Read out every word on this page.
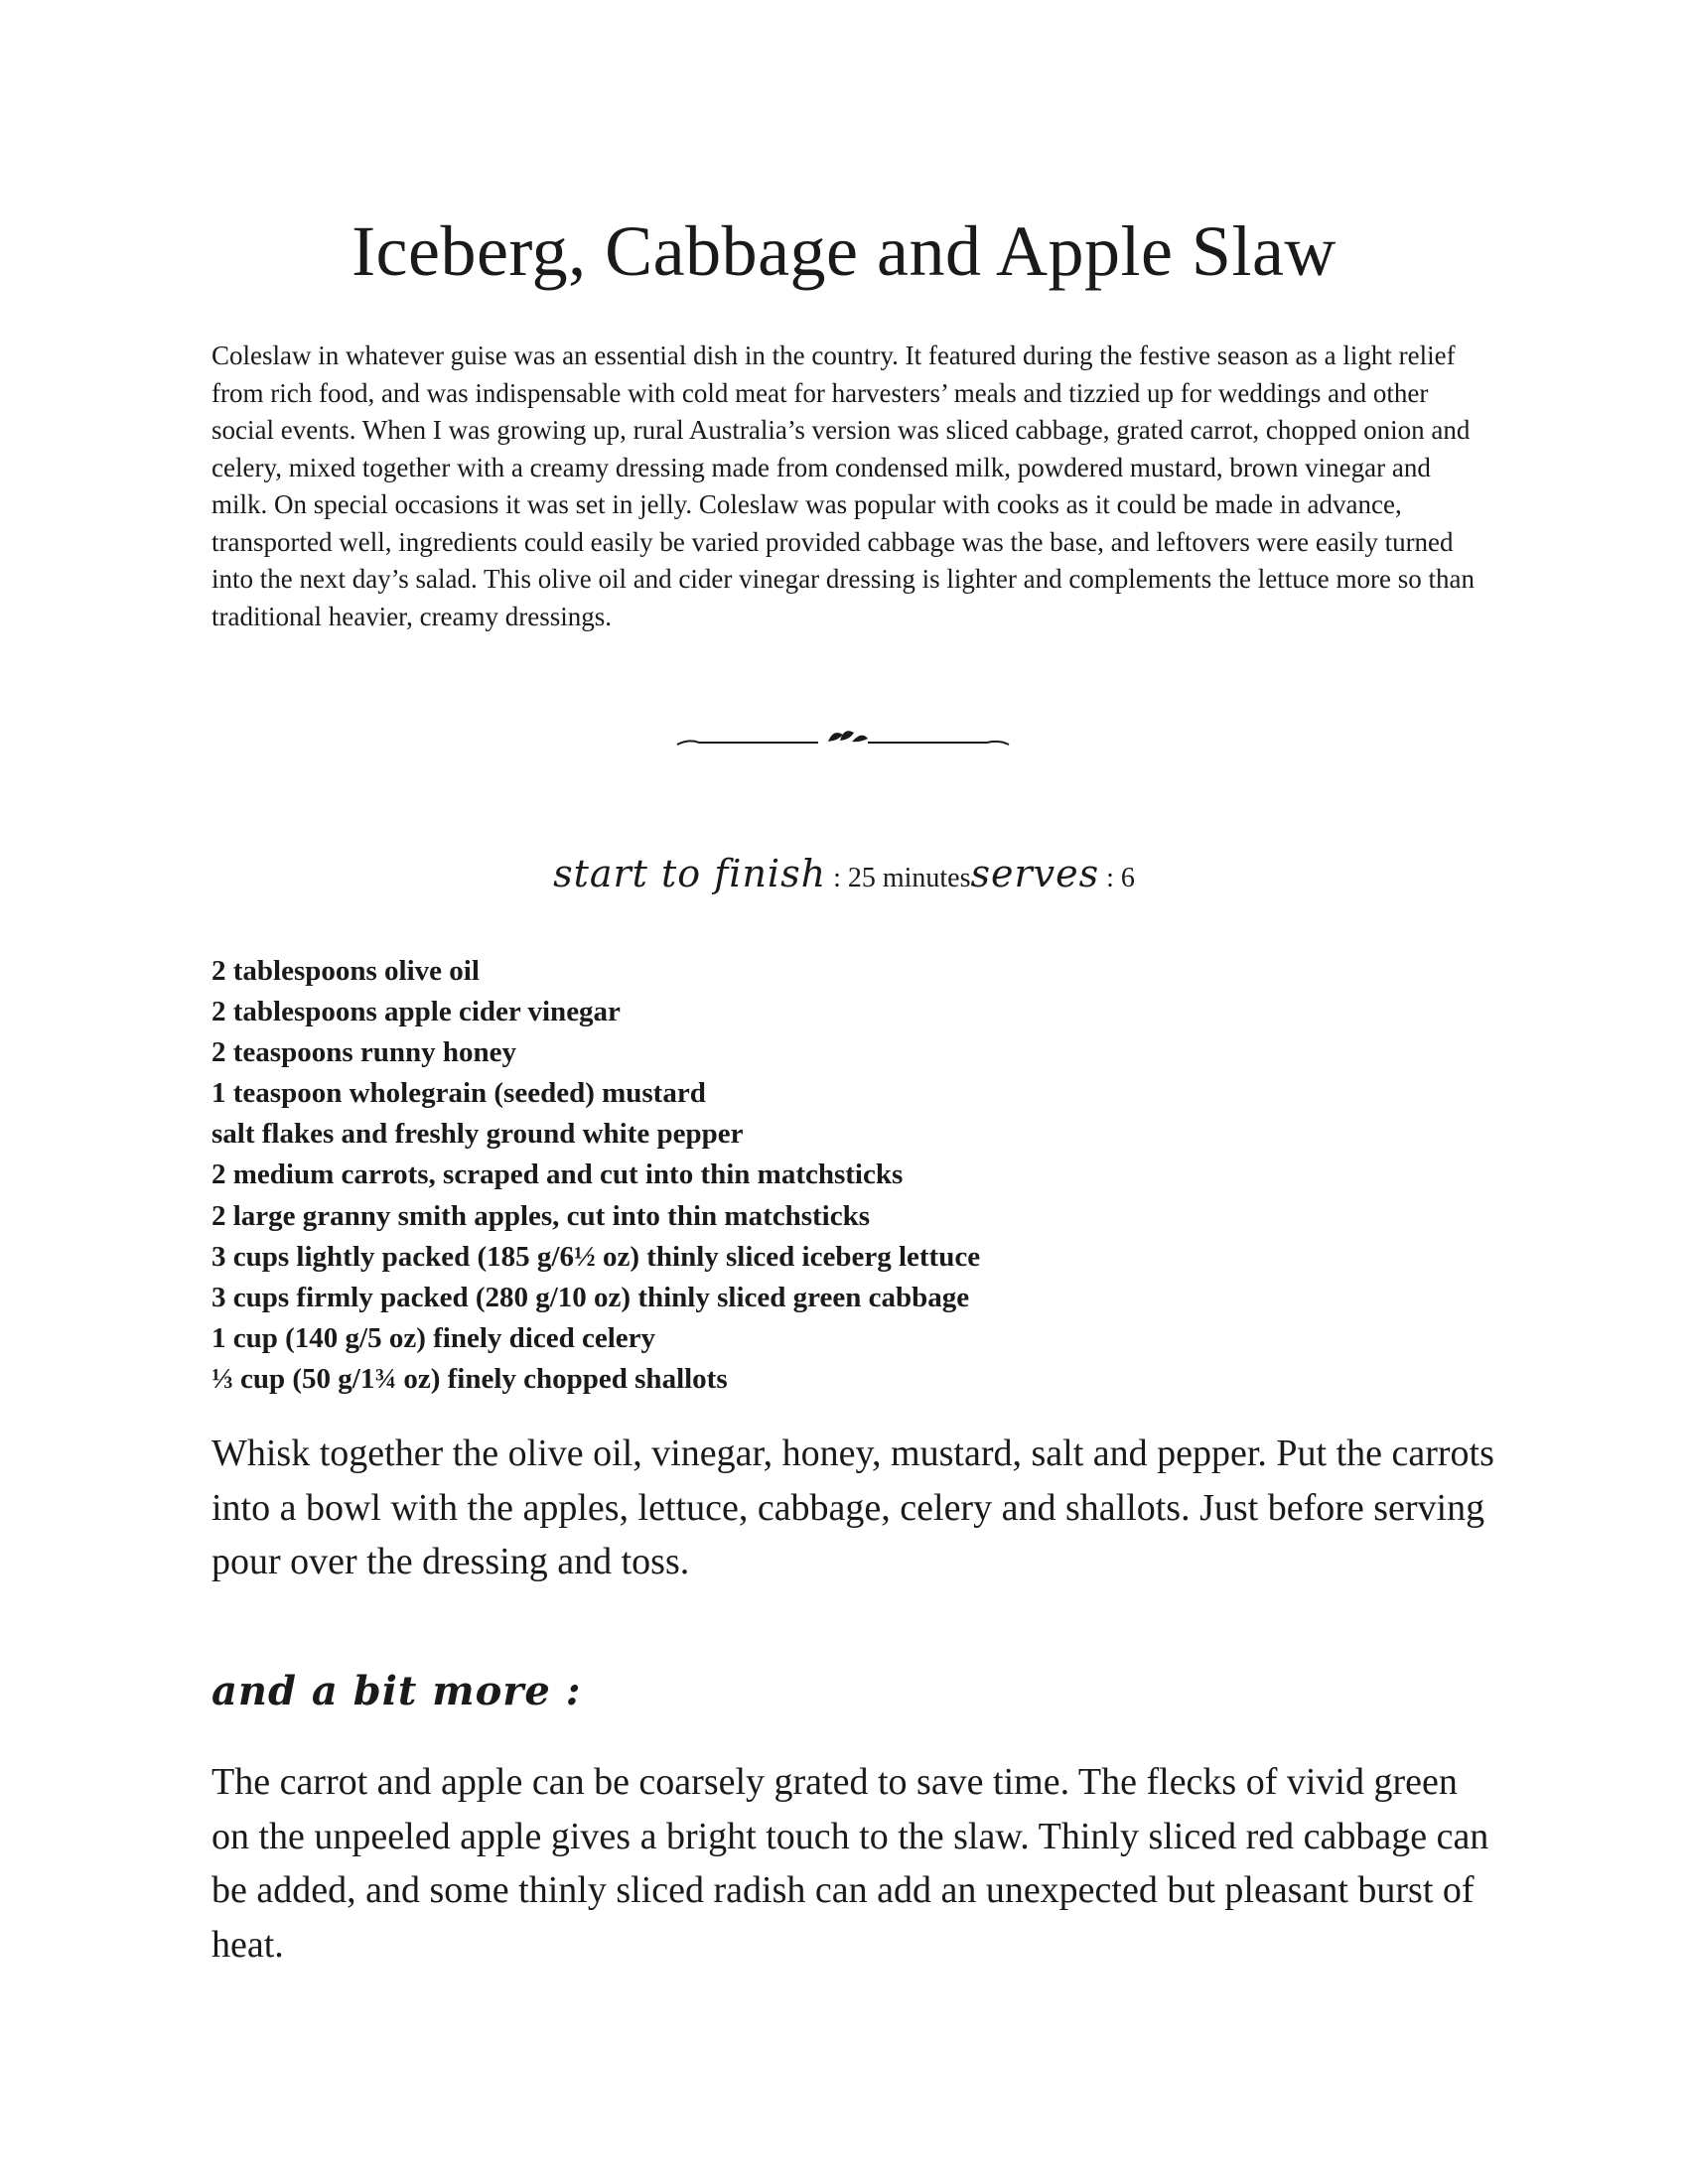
Iceberg, Cabbage and Apple Slaw

Coleslaw in whatever guise was an essential dish in the country. It featured during the festive season as a light relief from rich food, and was indispensable with cold meat for harvesters’ meals and tizzied up for weddings and other social events. When I was growing up, rural Australia’s version was sliced cabbage, grated carrot, chopped onion and celery, mixed together with a creamy dressing made from condensed milk, powdered mustard, brown vinegar and milk. On special occasions it was set in jelly. Coleslaw was popular with cooks as it could be made in advance, transported well, ingredients could easily be varied provided cabbage was the base, and leftovers were easily turned into the next day’s salad. This olive oil and cider vinegar dressing is lighter and complements the lettuce more so than traditional heavier, creamy dressings.

start to finish : 25 minutesserves : 6
2 tablespoons olive oil
2 tablespoons apple cider vinegar
2 teaspoons runny honey
1 teaspoon wholegrain (seeded) mustard
salt flakes and freshly ground white pepper
2 medium carrots, scraped and cut into thin matchsticks
2 large granny smith apples, cut into thin matchsticks
3 cups lightly packed (185 g/6½ oz) thinly sliced iceberg lettuce
3 cups firmly packed (280 g/10 oz) thinly sliced green cabbage
1 cup (140 g/5 oz) finely diced celery
⅓ cup (50 g/1¾ oz) finely chopped shallots

Whisk together the olive oil, vinegar, honey, mustard, salt and pepper. Put the carrots into a bowl with the apples, lettuce, cabbage, celery and shallots. Just before serving pour over the dressing and toss.

and a bit more :

The carrot and apple can be coarsely grated to save time. The flecks of vivid green on the unpeeled apple gives a bright touch to the slaw. Thinly sliced red cabbage can be added, and some thinly sliced radish can add an unexpected but pleasant burst of heat.
